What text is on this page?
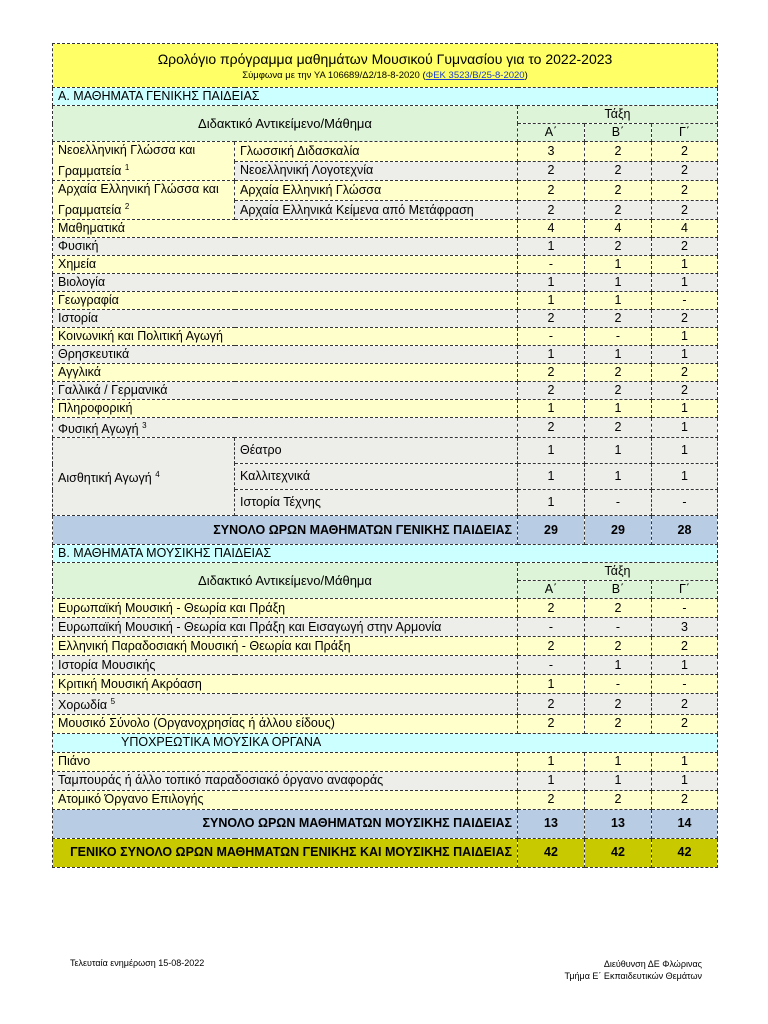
Ωρολόγιο πρόγραμμα μαθημάτων Μουσικού Γυμνασίου για το 2022-2023
Σύμφωνα με την ΥΑ 106689/Δ2/18-8-2020 (ΦΕΚ 3523/Β/25-8-2020)				

Α. ΜΑΘΗΜΑΤΑ ΓΕΝΙΚΗΣ ΠΑΙΔΕΙΑΣ				
Διδακτικό Αντικείμενο/Μάθημα		Τάξη		
		Α΄	Β΄	Γ΄
Νεοελληνική Γλώσσα και Γραμματεία $^1$	Γλωσσική Διδασκαλία	3	2	2
	Νεοελληνική Λογοτεχνία	2	2	2
Αρχαία Ελληνική Γλώσσα και Γραμματεία $^2$	Αρχαία Ελληνική Γλώσσα	2	2	2
	Αρχαία Ελληνικά Κείμενα από Μετάφραση	2	2	2
Μαθηματικά		4	4	4
Φυσική		1	2	2
Χημεία		-	1	1
Βιολογία		1	1	1
Γεωγραφία		1	1	-
Ιστορία		2	2	2
Κοινωνική και Πολιτική Αγωγή		-	-	1
Θρησκευτικά		1	1	1
Αγγλικά		2	2	2
Γαλλικά / Γερμανικά		2	2	2
Πληροφορική		1	1	1
Φυσική Αγωγή $^3$		2	2	1
Αισθητική Αγωγή $^4$	Θέατρο	1	1	1
	Καλλιτεχνικά	1	1	1
	Ιστορία Τέχνης	1	-	-
ΣΥΝΟΛΟ ΩΡΩΝ ΜΑΘΗΜΑΤΩΝ ΓΕΝΙΚΗΣ ΠΑΙΔΕΙΑΣ		29	29	28
Β. ΜΑΘΗΜΑΤΑ ΜΟΥΣΙΚΗΣ ΠΑΙΔΕΙΑΣ				
Διδακτικό Αντικείμενο/Μάθημα		Τάξη		
		Α΄	Β΄	Γ΄
Ευρωπαϊκή Μουσική - Θεωρία και Πράξη		2	2	-
Ευρωπαϊκή Μουσική - Θεωρία και Πράξη και Εισαγωγή στην Αρμονία		-	-	3
Ελληνική Παραδοσιακή Μουσική - Θεωρία και Πράξη		2	2	2
Ιστορία Μουσικής		-	1	1
Κριτική Μουσική Ακρόαση		1	-	-
Χορωδία $^5$		2	2	2
Μουσικό Σύνολο (Οργανοχρησίας ή άλλου είδους)		2	2	2
ΥΠΟΧΡΕΩΤΙΚΑ ΜΟΥΣΙΚΑ ΟΡΓΑΝΑ				
Πιάνο		1	1	1
Ταμπουράς ή άλλο τοπικό παραδοσιακό όργανο αναφοράς		1	1	1
Ατομικό Όργανο Επιλογής		2	2	2
ΣΥΝΟΛΟ ΩΡΩΝ ΜΑΘΗΜΑΤΩΝ ΜΟΥΣΙΚΗΣ ΠΑΙΔΕΙΑΣ		13	13	14
ΓΕΝΙΚΟ ΣΥΝΟΛΟ ΩΡΩΝ ΜΑΘΗΜΑΤΩΝ ΓΕΝΙΚΗΣ ΚΑΙ ΜΟΥΣΙΚΗΣ ΠΑΙΔΕΙΑΣ		42	42	42
Τελευταία ενημέρωση 15-08-2022	Διεύθυνση ΔΕ Φλώρινας
Τμήμα Ε΄ Εκπαιδευτικών Θεμάτων
